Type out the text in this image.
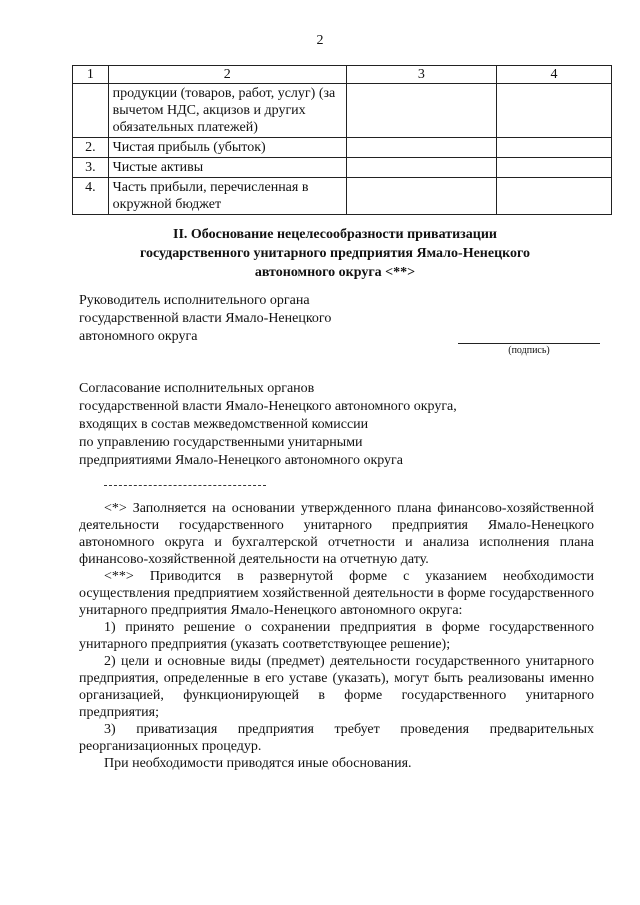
2
1	2	3	4
	продукции (товаров, работ, услуг) (за вычетом НДС, акцизов и других обязательных платежей)		
2.	Чистая прибыль (убыток)		
3.	Чистые активы		
4.	Часть прибыли, перечисленная в окружной бюджет		
II. Обоснование нецелесообразности приватизации
государственного унитарного предприятия Ямало-Ненецкого
автономного округа <**>
Руководитель исполнительного органа
государственной власти Ямало-Ненецкого
автономного округа
(подпись)
Согласование исполнительных органов
государственной власти Ямало-Ненецкого автономного округа,
входящих в состав межведомственной комиссии
по управлению государственными унитарными
предприятиями Ямало-Ненецкого автономного округа

<*> Заполняется на основании утвержденного плана финансово-хозяйственной деятельности государственного унитарного предприятия Ямало-Ненецкого автономного округа и бухгалтерской отчетности и анализа исполнения плана финансово-хозяйственной деятельности на отчетную дату.

<**> Приводится в развернутой форме с указанием необходимости осуществления предприятием хозяйственной деятельности в форме государственного унитарного предприятия Ямало-Ненецкого автономного округа:

1) принято решение о сохранении предприятия в форме государственного унитарного предприятия (указать соответствующее решение);

2) цели и основные виды (предмет) деятельности государственного унитарного предприятия, определенные в его уставе (указать), могут быть реализованы именно организацией, функционирующей в форме государственного унитарного предприятия;

3) приватизация предприятия требует проведения предварительных реорганизационных процедур.

При необходимости приводятся иные обоснования.
